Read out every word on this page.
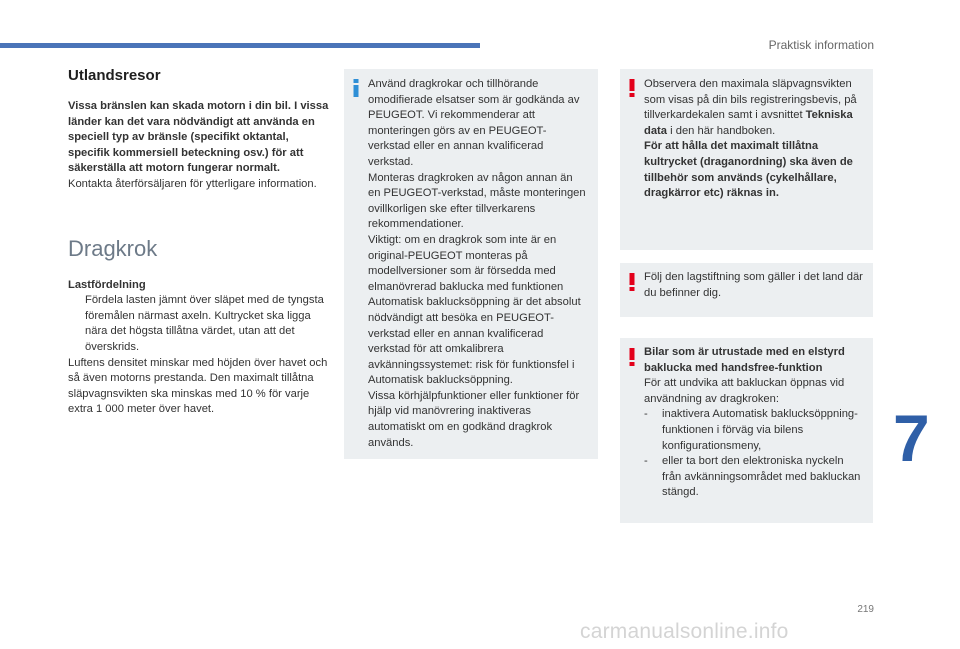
Praktisk information
Utlandsresor

Vissa bränslen kan skada motorn i din bil. I vissa länder kan det vara nödvändigt att använda en speciell typ av bränsle (specifikt oktantal, specifik kommersiell beteckning osv.) för att säkerställa att motorn fungerar normalt.

Kontakta återförsäljaren för ytterligare information.

Dragkrok

Lastfördelning

Fördela lasten jämnt över släpet med de tyngsta föremålen närmast axeln. Kultrycket ska ligga nära det högsta tillåtna värdet, utan att det överskrids.

Luftens densitet minskar med höjden över havet och så även motorns prestanda. Den maximalt tillåtna släpvagnsvikten ska minskas med 10 % för varje extra 1 000 meter över havet.

Använd dragkrokar och tillhörande omodifierade elsatser som är godkända av PEUGEOT. Vi rekommenderar att monteringen görs av en PEUGEOT-verkstad eller en annan kvalificerad verkstad.

Monteras dragkroken av någon annan än en PEUGEOT-verkstad, måste monteringen ovillkorligen ske efter tillverkarens rekommendationer.

Viktigt: om en dragkrok som inte är en original-PEUGEOT monteras på modellversioner som är försedda med elmanövrerad baklucka med funktionen Automatisk baklucksöppning är det absolut nödvändigt att besöka en PEUGEOT-verkstad eller en annan kvalificerad verkstad för att omkalibrera avkänningssystemet: risk för funktionsfel i Automatisk baklucksöppning.

Vissa körhjälpfunktioner eller funktioner för hjälp vid manövrering inaktiveras automatiskt om en godkänd dragkrok används.

Observera den maximala släpvagnsvikten som visas på din bils registreringsbevis, på tillverkardekalen samt i avsnittet Tekniska data i den här handboken.

För att hålla det maximalt tillåtna kultrycket (draganordning) ska även de tillbehör som används (cykelhållare, dragkärror etc) räknas in.

Följ den lagstiftning som gäller i det land där du befinner dig.

Bilar som är utrustade med en elstyrd baklucka med handsfree-funktion

För att undvika att bakluckan öppnas vid användning av dragkroken:

-	inaktivera Automatisk baklucksöppning-funktionen i förväg via bilens konfigurationsmeny,
-	eller ta bort den elektroniska nyckeln från avkänningsområdet med bakluckan stängd.
7
219
carmanualsonline.info
